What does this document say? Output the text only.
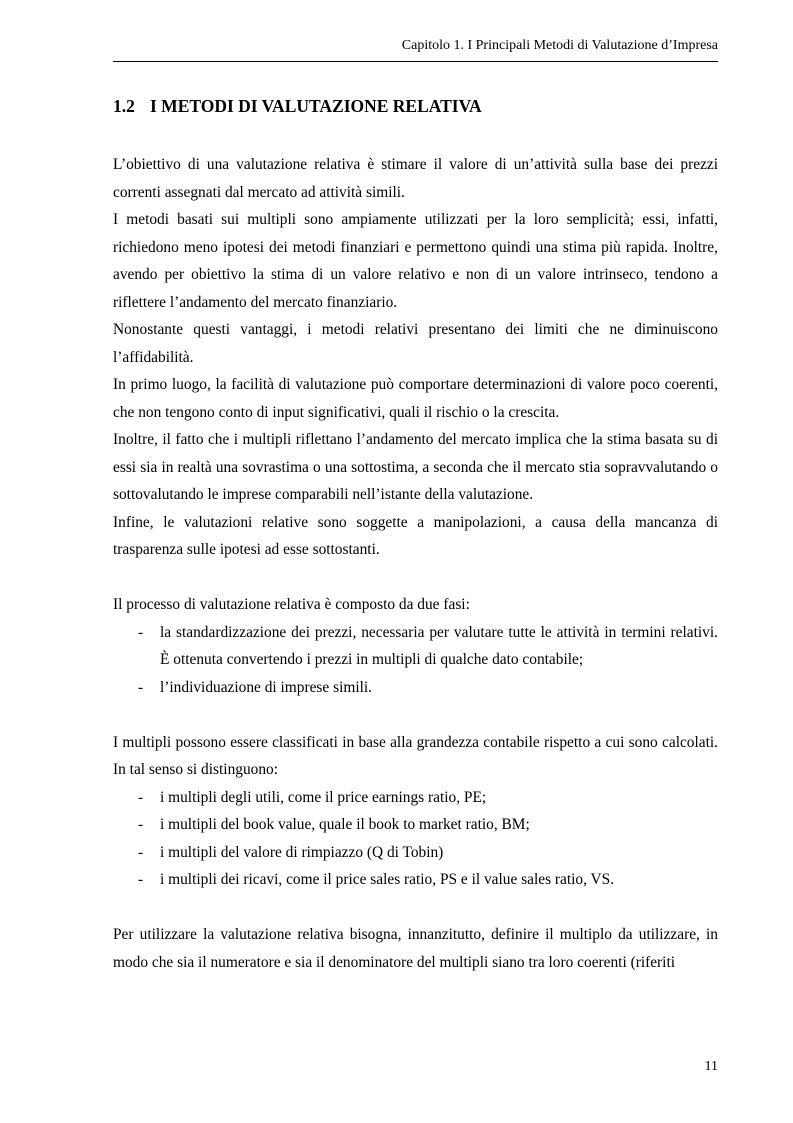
Capitolo 1. I Principali Metodi di Valutazione d’Impresa
1.2 I METODI DI VALUTAZIONE RELATIVA

L’obiettivo di una valutazione relativa è stimare il valore di un’attività sulla base dei prezzi correnti assegnati dal mercato ad attività simili.

I metodi basati sui multipli sono ampiamente utilizzati per la loro semplicità; essi, infatti, richiedono meno ipotesi dei metodi finanziari e permettono quindi una stima più rapida. Inoltre, avendo per obiettivo la stima di un valore relativo e non di un valore intrinseco, tendono a riflettere l’andamento del mercato finanziario.

Nonostante questi vantaggi, i metodi relativi presentano dei limiti che ne diminuiscono l’affidabilità.

In primo luogo, la facilità di valutazione può comportare determinazioni di valore poco coerenti, che non tengono conto di input significativi, quali il rischio o la crescita.

Inoltre, il fatto che i multipli riflettano l’andamento del mercato implica che la stima basata su di essi sia in realtà una sovrastima o una sottostima, a seconda che il mercato stia sopravvalutando o sottovalutando le imprese comparabili nell’istante della valutazione.

Infine, le valutazioni relative sono soggette a manipolazioni, a causa della mancanza di trasparenza sulle ipotesi ad esse sottostanti.

Il processo di valutazione relativa è composto da due fasi:

- la standardizzazione dei prezzi, necessaria per valutare tutte le attività in termini relativi. È ottenuta convertendo i prezzi in multipli di qualche dato contabile;
- l’individuazione di imprese simili.

I multipli possono essere classificati in base alla grandezza contabile rispetto a cui sono calcolati. In tal senso si distinguono:

- i multipli degli utili, come il price earnings ratio, PE;
- i multipli del book value, quale il book to market ratio, BM;
- i multipli del valore di rimpiazzo (Q di Tobin)
- i multipli dei ricavi, come il price sales ratio, PS e il value sales ratio, VS.

Per utilizzare la valutazione relativa bisogna, innanzitutto, definire il multiplo da utilizzare, in modo che sia il numeratore e sia il denominatore del multipli siano tra loro coerenti (riferiti

11
